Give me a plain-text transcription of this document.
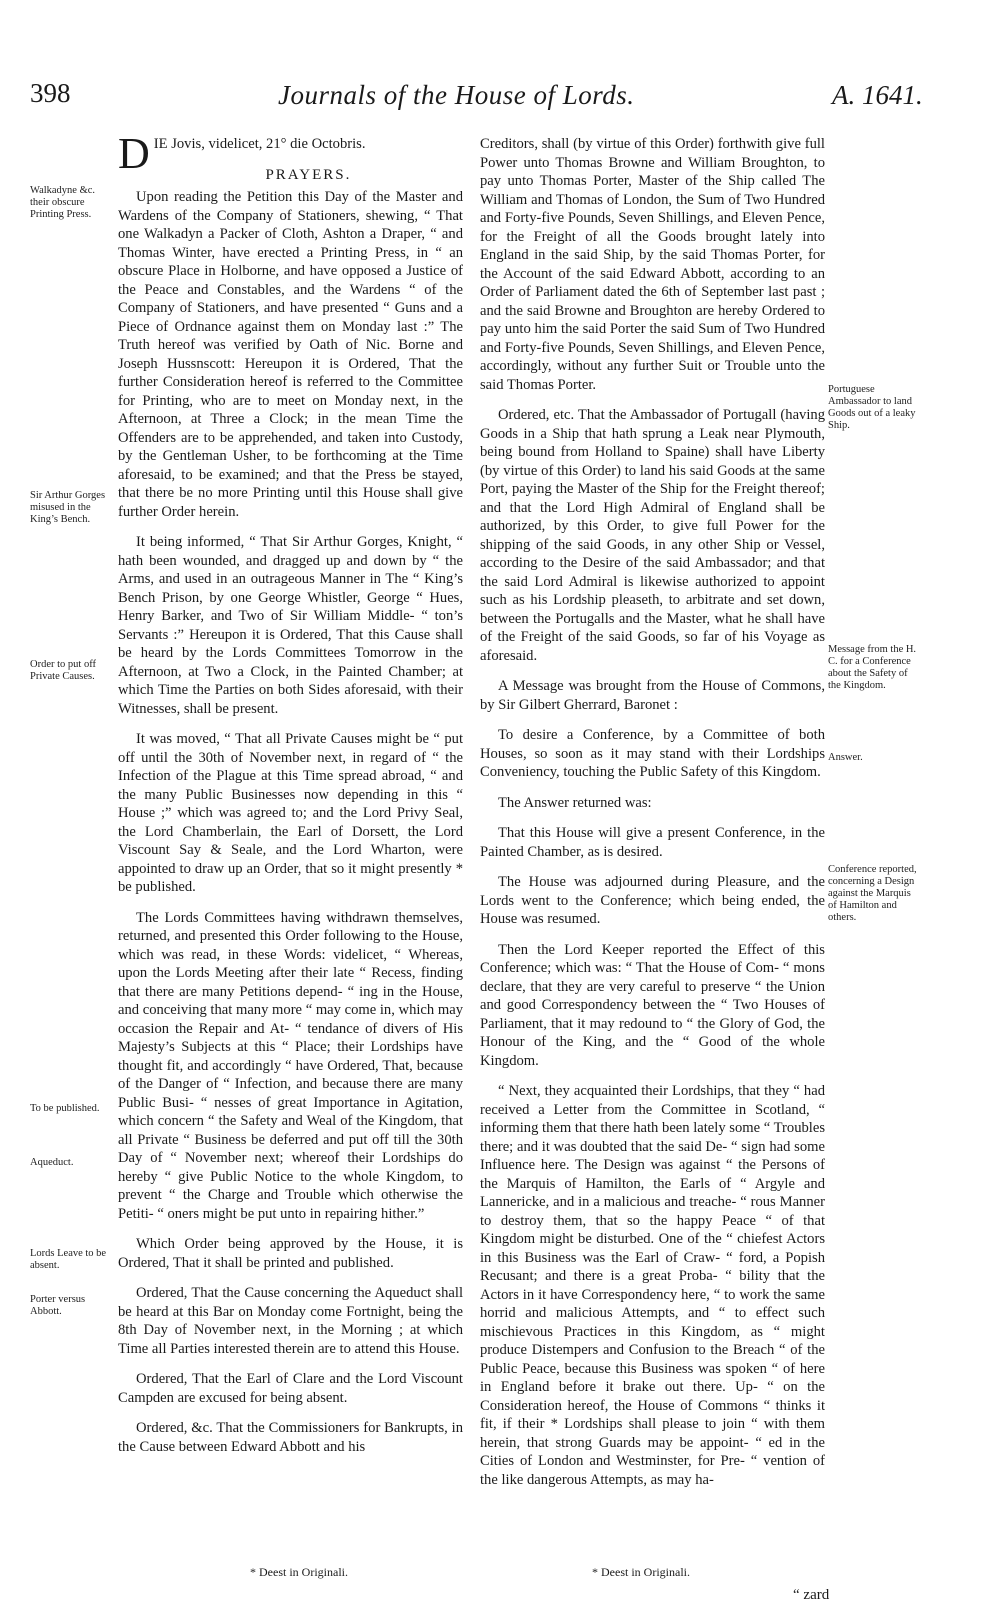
398	Journals of the House of Lords.	A. 1641.
Walkadyne &c. their obscure Printing Press.
Sir Arthur Gorges misused in the King’s Bench.
Order to put off Private Causes.
To be published.
Aqueduct.
Lords Leave to be absent.
Porter versus Abbott.
Portuguese Ambassador to land Goods out of a leaky Ship.
Message from the H. C. for a Conference about the Safety of the Kingdom.
Answer.
Conference reported, concerning a Design against the Marquis of Hamilton and others.

DIE Jovis, videlicet, 21° die Octobris.

PRAYERS.

Upon reading the Petition this Day of the Master and Wardens of the Company of Stationers, shewing, “ That one Walkadyn a Packer of Cloth, Ashton a Draper, “ and Thomas Winter, have erected a Printing Press, in “ an obscure Place in Holborne, and have opposed a Justice of the Peace and Constables, and the Wardens “ of the Company of Stationers, and have presented “ Guns and a Piece of Ordnance against them on Monday last :” The Truth hereof was verified by Oath of Nic. Borne and Joseph Hussnscott: Hereupon it is Ordered, That the further Consideration hereof is referred to the Committee for Printing, who are to meet on Monday next, in the Afternoon, at Three a Clock; in the mean Time the Offenders are to be apprehended, and taken into Custody, by the Gentleman Usher, to be forthcoming at the Time aforesaid, to be examined; and that the Press be stayed, that there be no more Printing until this House shall give further Order herein.

It being informed, “ That Sir Arthur Gorges, Knight, “ hath been wounded, and dragged up and down by “ the Arms, and used in an outrageous Manner in The “ King’s Bench Prison, by one George Whistler, George “ Hues, Henry Barker, and Two of Sir William Middle- “ ton’s Servants :” Hereupon it is Ordered, That this Cause shall be heard by the Lords Committees Tomorrow in the Afternoon, at Two a Clock, in the Painted Chamber; at which Time the Parties on both Sides aforesaid, with their Witnesses, shall be present.

It was moved, “ That all Private Causes might be “ put off until the 30th of November next, in regard of “ the Infection of the Plague at this Time spread abroad, “ and the many Public Businesses now depending in this “ House ;” which was agreed to; and the Lord Privy Seal, the Lord Chamberlain, the Earl of Dorsett, the Lord Viscount Say & Seale, and the Lord Wharton, were appointed to draw up an Order, that so it might presently * be published.

The Lords Committees having withdrawn themselves, returned, and presented this Order following to the House, which was read, in these Words: videlicet, “ Whereas, upon the Lords Meeting after their late “ Recess, finding that there are many Petitions depend- “ ing in the House, and conceiving that many more “ may come in, which may occasion the Repair and At- “ tendance of divers of His Majesty’s Subjects at this “ Place; their Lordships have thought fit, and accordingly “ have Ordered, That, because of the Danger of “ Infection, and because there are many Public Busi- “ nesses of great Importance in Agitation, which concern “ the Safety and Weal of the Kingdom, that all Private “ Business be deferred and put off till the 30th Day of “ November next; whereof their Lordships do hereby “ give Public Notice to the whole Kingdom, to prevent “ the Charge and Trouble which otherwise the Petiti- “ oners might be put unto in repairing hither.”

Which Order being approved by the House, it is Ordered, That it shall be printed and published.

Ordered, That the Cause concerning the Aqueduct shall be heard at this Bar on Monday come Fortnight, being the 8th Day of November next, in the Morning ; at which Time all Parties interested therein are to attend this House.

Ordered, That the Earl of Clare and the Lord Viscount Campden are excused for being absent.

Ordered, &c. That the Commissioners for Bankrupts, in the Cause between Edward Abbott and his

Creditors, shall (by virtue of this Order) forthwith give full Power unto Thomas Browne and William Broughton, to pay unto Thomas Porter, Master of the Ship called The William and Thomas of London, the Sum of Two Hundred and Forty-five Pounds, Seven Shillings, and Eleven Pence, for the Freight of all the Goods brought lately into England in the said Ship, by the said Thomas Porter, for the Account of the said Edward Abbott, according to an Order of Parliament dated the 6th of September last past ; and the said Browne and Broughton are hereby Ordered to pay unto him the said Porter the said Sum of Two Hundred and Forty-five Pounds, Seven Shillings, and Eleven Pence, accordingly, without any further Suit or Trouble unto the said Thomas Porter.

Ordered, etc. That the Ambassador of Portugall (having Goods in a Ship that hath sprung a Leak near Plymouth, being bound from Holland to Spaine) shall have Liberty (by virtue of this Order) to land his said Goods at the same Port, paying the Master of the Ship for the Freight thereof; and that the Lord High Admiral of England shall be authorized, by this Order, to give full Power for the shipping of the said Goods, in any other Ship or Vessel, according to the Desire of the said Ambassador; and that the said Lord Admiral is likewise authorized to appoint such as his Lordship pleaseth, to arbitrate and set down, between the Portugalls and the Master, what he shall have of the Freight of the said Goods, so far of his Voyage as aforesaid.

A Message was brought from the House of Commons, by Sir Gilbert Gherrard, Baronet :

To desire a Conference, by a Committee of both Houses, so soon as it may stand with their Lordships Conveniency, touching the Public Safety of this Kingdom.

The Answer returned was:

That this House will give a present Conference, in the Painted Chamber, as is desired.

The House was adjourned during Pleasure, and the Lords went to the Conference; which being ended, the House was resumed.

Then the Lord Keeper reported the Effect of this Conference; which was: “ That the House of Com- “ mons declare, that they are very careful to preserve “ the Union and good Correspondency between the “ Two Houses of Parliament, that it may redound to “ the Glory of God, the Honour of the King, and the “ Good of the whole Kingdom.

“ Next, they acquainted their Lordships, that they “ had received a Letter from the Committee in Scotland, “ informing them that there hath been lately some “ Troubles there; and it was doubted that the said De- “ sign had some Influence here. The Design was against “ the Persons of the Marquis of Hamilton, the Earls of “ Argyle and Lannericke, and in a malicious and treache- “ rous Manner to destroy them, that so the happy Peace “ of that Kingdom might be disturbed. One of the “ chiefest Actors in this Business was the Earl of Craw- “ ford, a Popish Recusant; and there is a great Proba- “ bility that the Actors in it have Correspondency here, “ to work the same horrid and malicious Attempts, and “ to effect such mischievous Practices in this Kingdom, as “ might produce Distempers and Confusion to the Breach “ of the Public Peace, because this Business was spoken “ of here in England before it brake out there. Up- “ on the Consideration hereof, the House of Commons “ thinks it fit, if their * Lordships shall please to join “ with them herein, that strong Guards may be appoint- “ ed in the Cities of London and Westminster, for Pre- “ vention of the like dangerous Attempts, as may ha-

* Deest in Originali.	* Deest in Originali.
“ zard
